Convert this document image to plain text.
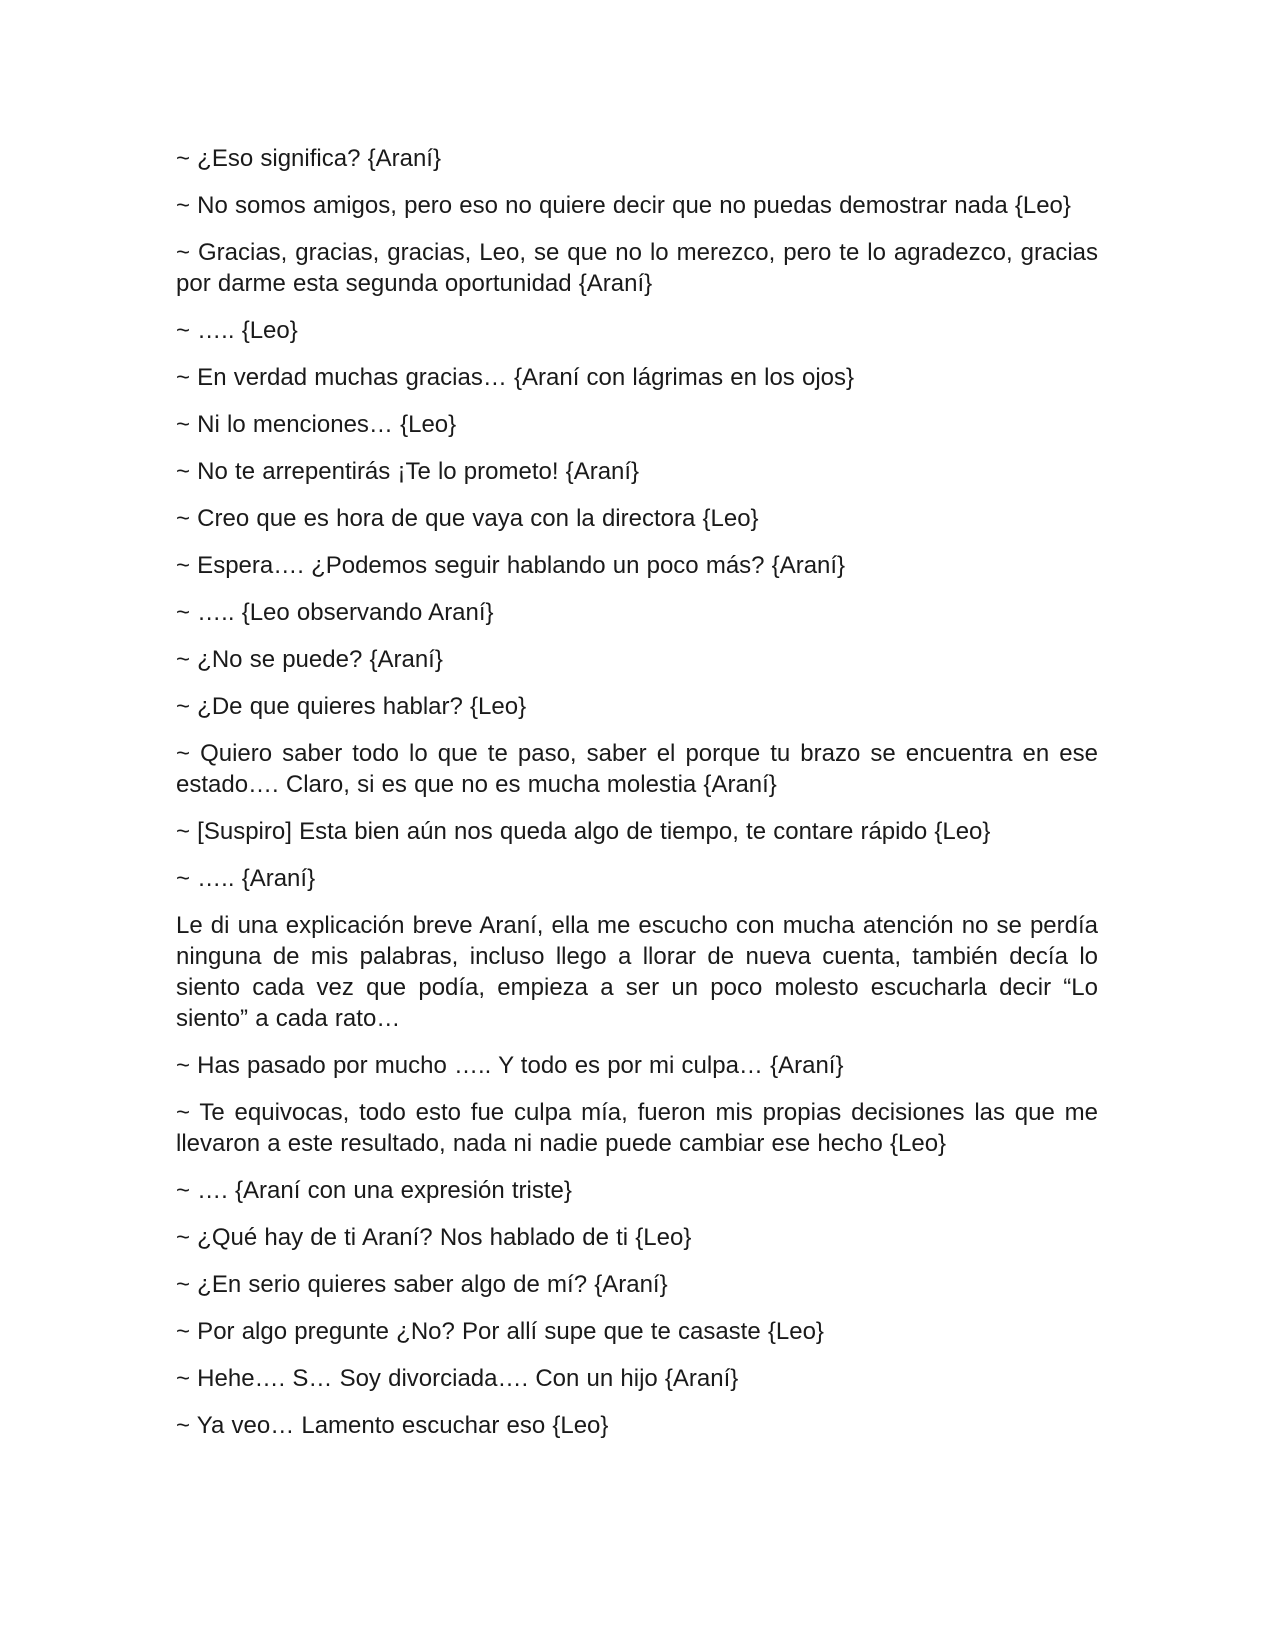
~ ¿Eso significa? {Araní}

~ No somos amigos, pero eso no quiere decir que no puedas demostrar nada {Leo}

~ Gracias, gracias, gracias, Leo, se que no lo merezco, pero te lo agradezco, gracias por darme esta segunda oportunidad {Araní}

~ ….. {Leo}

~ En verdad muchas gracias… {Araní con lágrimas en los ojos}

~ Ni lo menciones… {Leo}

~ No te arrepentirás ¡Te lo prometo! {Araní}

~ Creo que es hora de que vaya con la directora {Leo}

~ Espera…. ¿Podemos seguir hablando un poco más? {Araní}

~ ….. {Leo observando Araní}

~ ¿No se puede? {Araní}

~ ¿De que quieres hablar? {Leo}

~ Quiero saber todo lo que te paso, saber el porque tu brazo se encuentra en ese estado…. Claro, si es que no es mucha molestia {Araní}

~ [Suspiro] Esta bien aún nos queda algo de tiempo, te contare rápido {Leo}

~ ….. {Araní}

Le di una explicación breve Araní, ella me escucho con mucha atención no se perdía ninguna de mis palabras, incluso llego a llorar de nueva cuenta, también decía lo siento cada vez que podía, empieza a ser un poco molesto escucharla decir “Lo siento” a cada rato…

~ Has pasado por mucho ….. Y todo es por mi culpa… {Araní}

~ Te equivocas, todo esto fue culpa mía, fueron mis propias decisiones las que me llevaron a este resultado, nada ni nadie puede cambiar ese hecho {Leo}

~ …. {Araní con una expresión triste}

~ ¿Qué hay de ti Araní? Nos hablado de ti {Leo}

~ ¿En serio quieres saber algo de mí? {Araní}

~ Por algo pregunte ¿No? Por allí supe que te casaste {Leo}

~ Hehe…. S… Soy divorciada…. Con un hijo {Araní}

~ Ya veo… Lamento escuchar eso {Leo}
